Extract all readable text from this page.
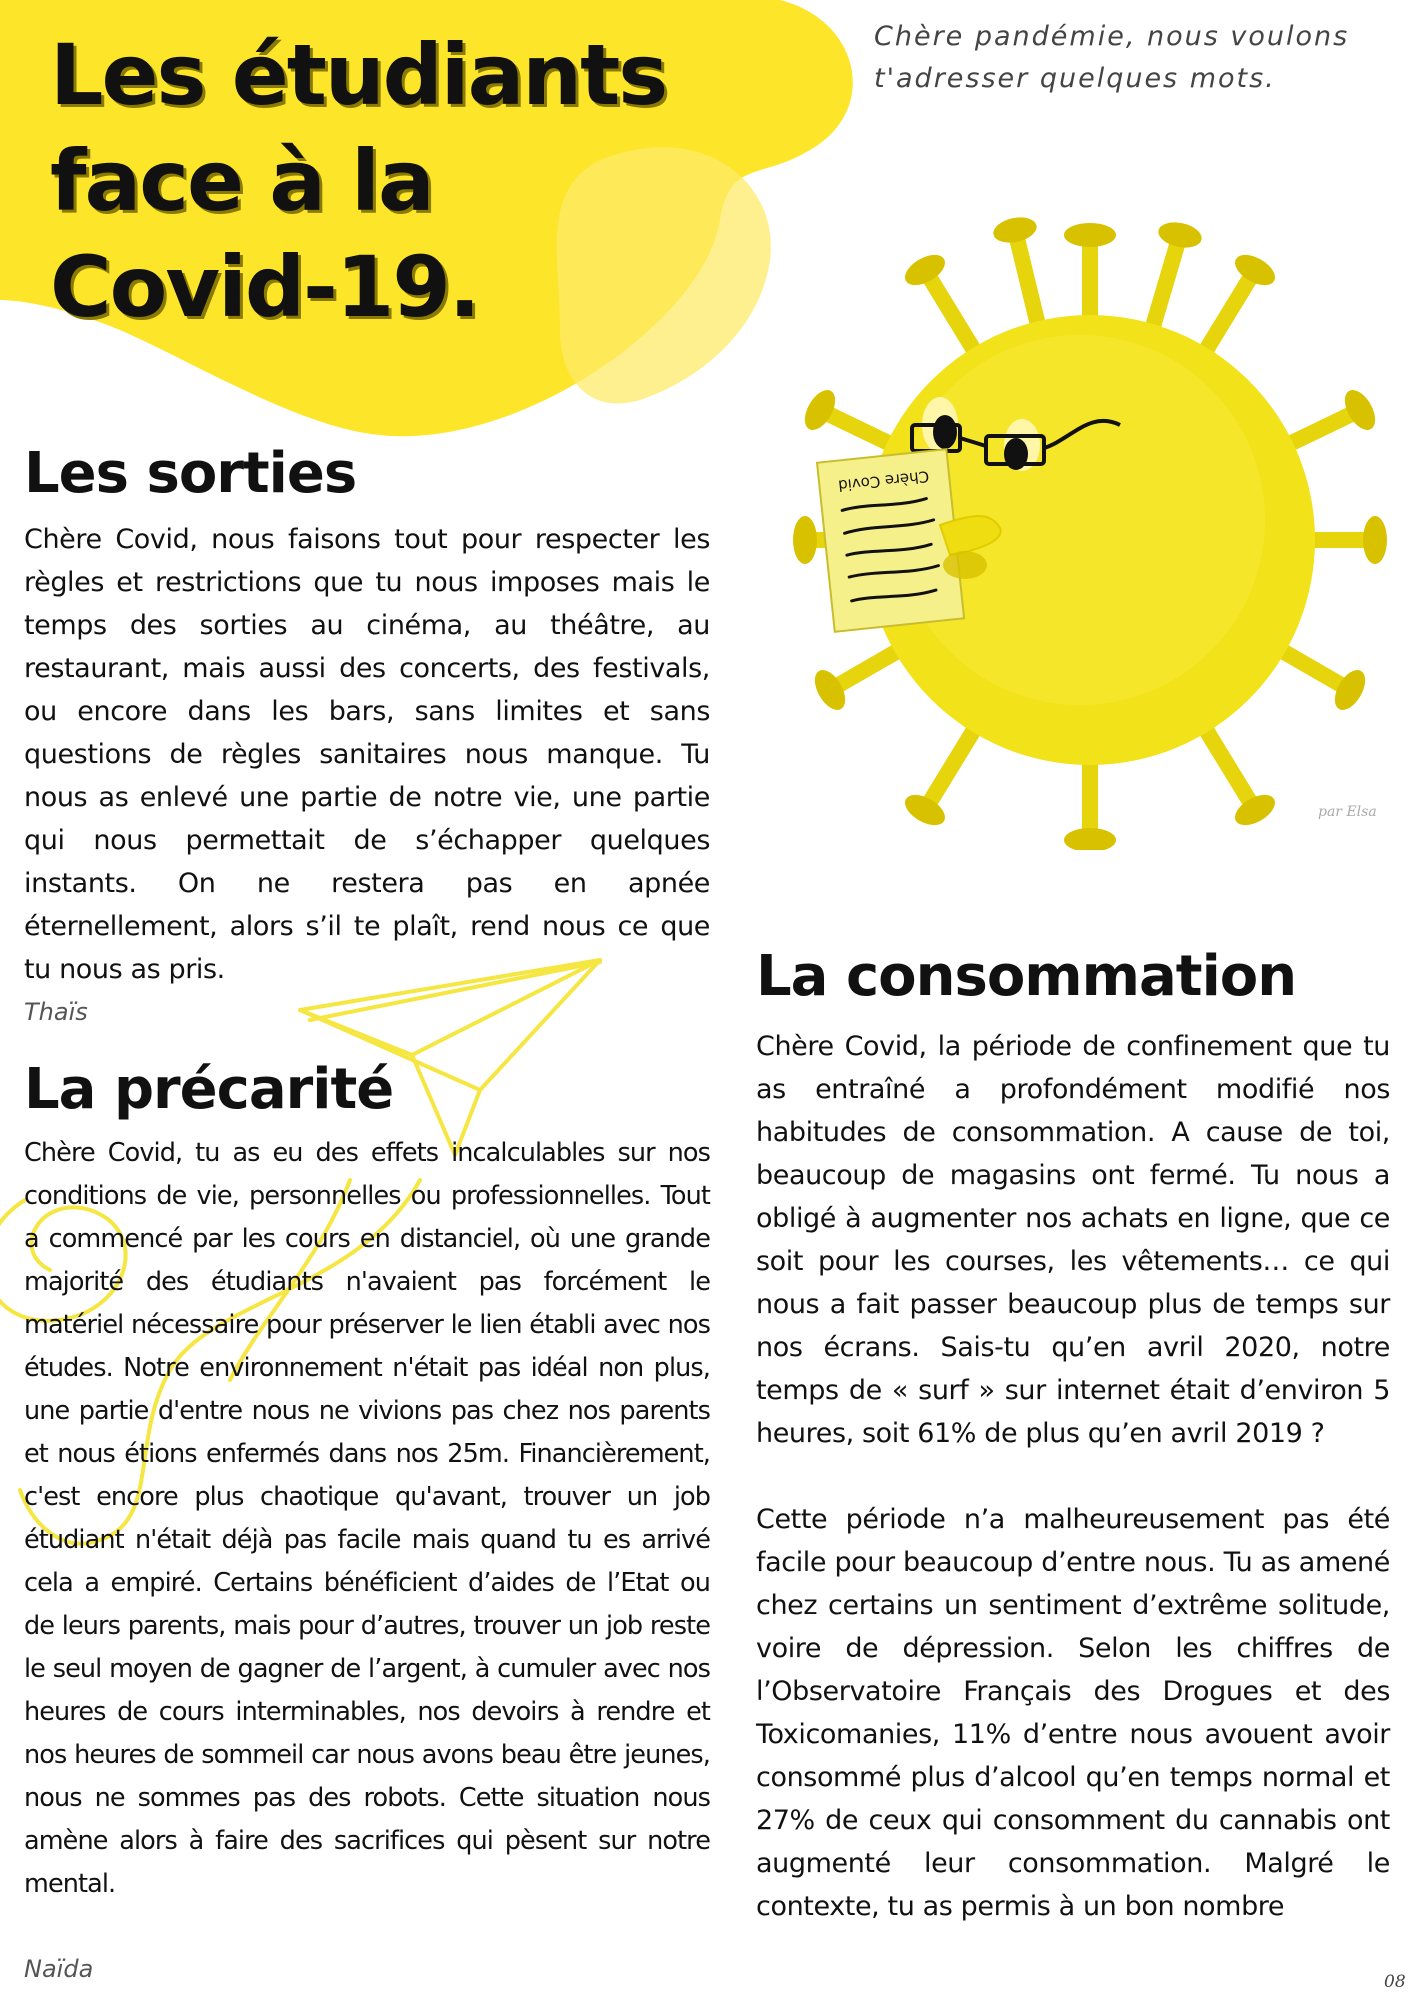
Chère Covid
Les étudiants
face à la
Covid-19.

Chère pandémie, nous voulons
t'adresser quelques mots.

par Elsa
Les sorties

Chère Covid, nous faisons tout pour respecter les règles et restrictions que tu nous imposes mais le temps des sorties au cinéma, au théâtre, au restaurant, mais aussi des concerts, des festivals, ou encore dans les bars, sans limites et sans questions de règles sanitaires nous manque. Tu nous as enlevé une partie de notre vie, une partie qui nous permettait de s’échapper quelques instants. On ne restera pas en apnée éternellement, alors s’il te plaît, rend nous ce que tu nous as pris.

Thaïs
La précarité

Chère Covid, tu as eu des effets incalculables sur nos conditions de vie, personnelles ou professionnelles. Tout a commencé par les cours en distanciel, où une grande majorité des étudiants n'avaient pas forcément le matériel nécessaire pour préserver le lien établi avec nos études. Notre environnement n'était pas idéal non plus, une partie d'entre nous ne vivions pas chez nos parents et nous étions enfermés dans nos 25m. Financièrement, c'est encore plus chaotique qu'avant, trouver un job étudiant n'était déjà pas facile mais quand tu es arrivé cela a empiré. Certains bénéficient d’aides de l’Etat ou de leurs parents, mais pour d’autres, trouver un job reste le seul moyen de gagner de l’argent, à cumuler avec nos heures de cours interminables, nos devoirs à rendre et nos heures de sommeil car nous avons beau être jeunes, nous ne sommes pas des robots. Cette situation nous amène alors à faire des sacrifices qui pèsent sur notre mental.

Naïda
La consommation

Chère Covid, la période de confinement que tu as entraîné a profondément modifié nos habitudes de consommation. A cause de toi, beaucoup de magasins ont fermé. Tu nous a obligé à augmenter nos achats en ligne, que ce soit pour les courses, les vêtements… ce qui nous a fait passer beaucoup plus de temps sur nos écrans. Sais-tu qu’en avril 2020, notre temps de « surf » sur internet était d’environ 5 heures, soit 61% de plus qu’en avril 2019 ?

Cette période n’a malheureusement pas été facile pour beaucoup d’entre nous. Tu as amené chez certains un sentiment d’extrême solitude, voire de dépression. Selon les chiffres de l’Observatoire Français des Drogues et des Toxicomanies, 11% d’entre nous avouent avoir consommé plus d’alcool qu’en temps normal et 27% de ceux qui consomment du cannabis ont augmenté leur consommation. Malgré le contexte, tu as permis à un bon nombre

08
